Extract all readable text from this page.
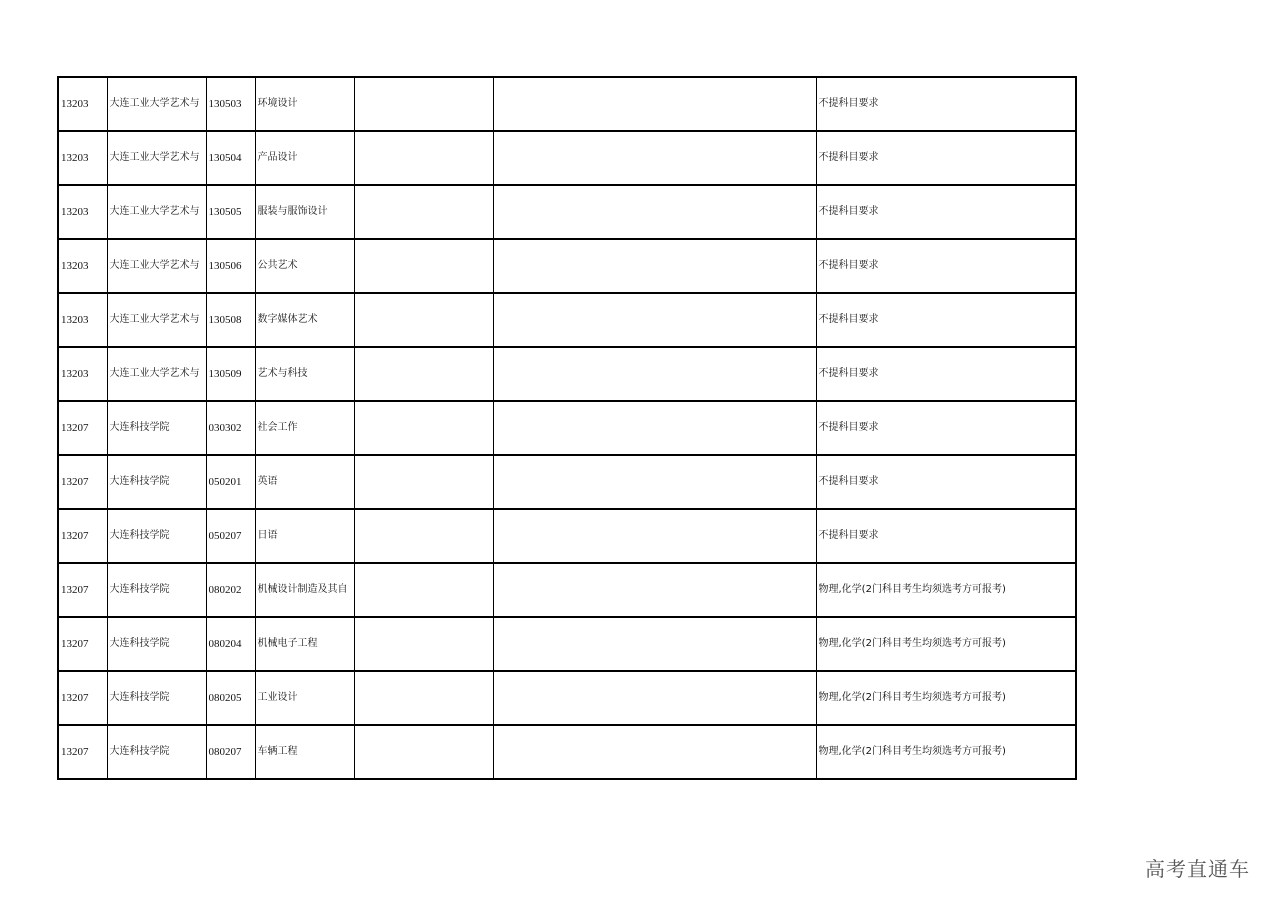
13203	大连工业大学艺术与	130503	环境设计			不提科目要求
13203	大连工业大学艺术与	130504	产品设计			不提科目要求
13203	大连工业大学艺术与	130505	服装与服饰设计			不提科目要求
13203	大连工业大学艺术与	130506	公共艺术			不提科目要求
13203	大连工业大学艺术与	130508	数字媒体艺术			不提科目要求
13203	大连工业大学艺术与	130509	艺术与科技			不提科目要求
13207	大连科技学院	030302	社会工作			不提科目要求
13207	大连科技学院	050201	英语			不提科目要求
13207	大连科技学院	050207	日语			不提科目要求
13207	大连科技学院	080202	机械设计制造及其自			物理,化学(2门科目考生均须选考方可报考)
13207	大连科技学院	080204	机械电子工程			物理,化学(2门科目考生均须选考方可报考)
13207	大连科技学院	080205	工业设计			物理,化学(2门科目考生均须选考方可报考)
13207	大连科技学院	080207	车辆工程			物理,化学(2门科目考生均须选考方可报考)
高考直通车
